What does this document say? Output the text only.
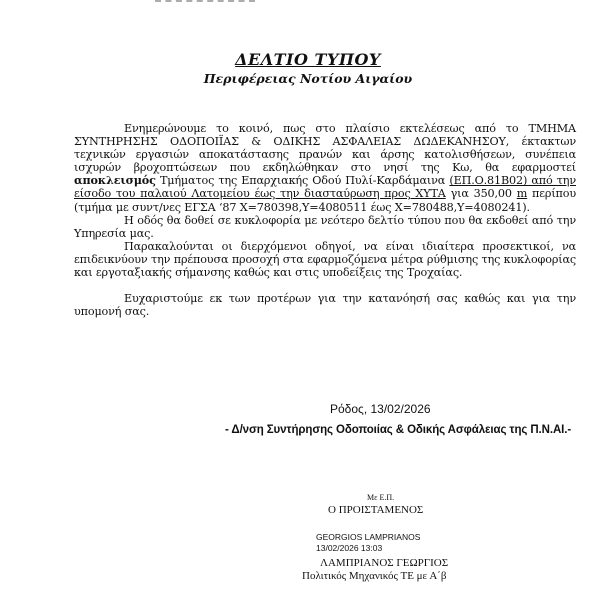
ΔΕΛΤΙΟ ΤΥΠΟΥ
Περιφέρειας Νοτίου Αιγαίου

Ενημερώνουμε το κοινό, πως στο πλαίσιο εκτελέσεως από το ΤΜΗΜΑ ΣΥΝΤΗΡΗΣΗΣ ΟΔΟΠΟΙΪΑΣ & ΟΔΙΚΗΣ ΑΣΦΑΛΕΙΑΣ ΔΩΔΕΚΑΝΗΣΟΥ, έκτακτων τεχνικών εργασιών αποκατάστασης πρανών και άρσης κατολισθήσεων, συνέπεια ισχυρών βροχοπτώσεων που εκδηλώθηκαν στο νησί της Κω, θα εφαρμοστεί αποκλεισμός Τμήματος της Επαρχιακής Οδού Πυλί-Καρδάμαινα (ΕΠ.Ο.81Β02) από την είσοδο του παλαιού Λατομείου έως την διασταύρωση προς ΧΥΤΑ για 350,00 m περίπου (τμήμα με συντ/νες ΕΓΣΑ ‘87 Χ=780398,Υ=4080511 έως Χ=780488,Υ=4080241).

Η οδός θα δοθεί σε κυκλοφορία με νεότερο δελτίο τύπου που θα εκδοθεί από την Υπηρεσία μας.

Παρακαλούνται οι διερχόμενοι οδηγοί, να είναι ιδιαίτερα προσεκτικοί, να επιδεικνύουν την πρέπουσα προσοχή στα εφαρμοζόμενα μέτρα ρύθμισης της κυκλοφορίας και εργοταξιακής σήμανσης καθώς και στις υποδείξεις της Τροχαίας.

Ευχαριστούμε εκ των προτέρων για την κατανόησή σας καθώς και για την υπομονή σας.

Ρόδος, 13/02/2026
- Δ/νση Συντήρησης Οδοποιίας & Οδικής Ασφάλειας της Π.Ν.ΑΙ.-
Με Ε.Π.
Ο ΠΡΟΙΣΤΑΜΕΝΟΣ
GEORGIOS LAMPRIANOS
13/02/2026 13:03
ΛΑΜΠΡΙΑΝΟΣ ΓΕΩΡΓΙΟΣ
Πολιτικός Μηχανικός ΤΕ με Α΄β
